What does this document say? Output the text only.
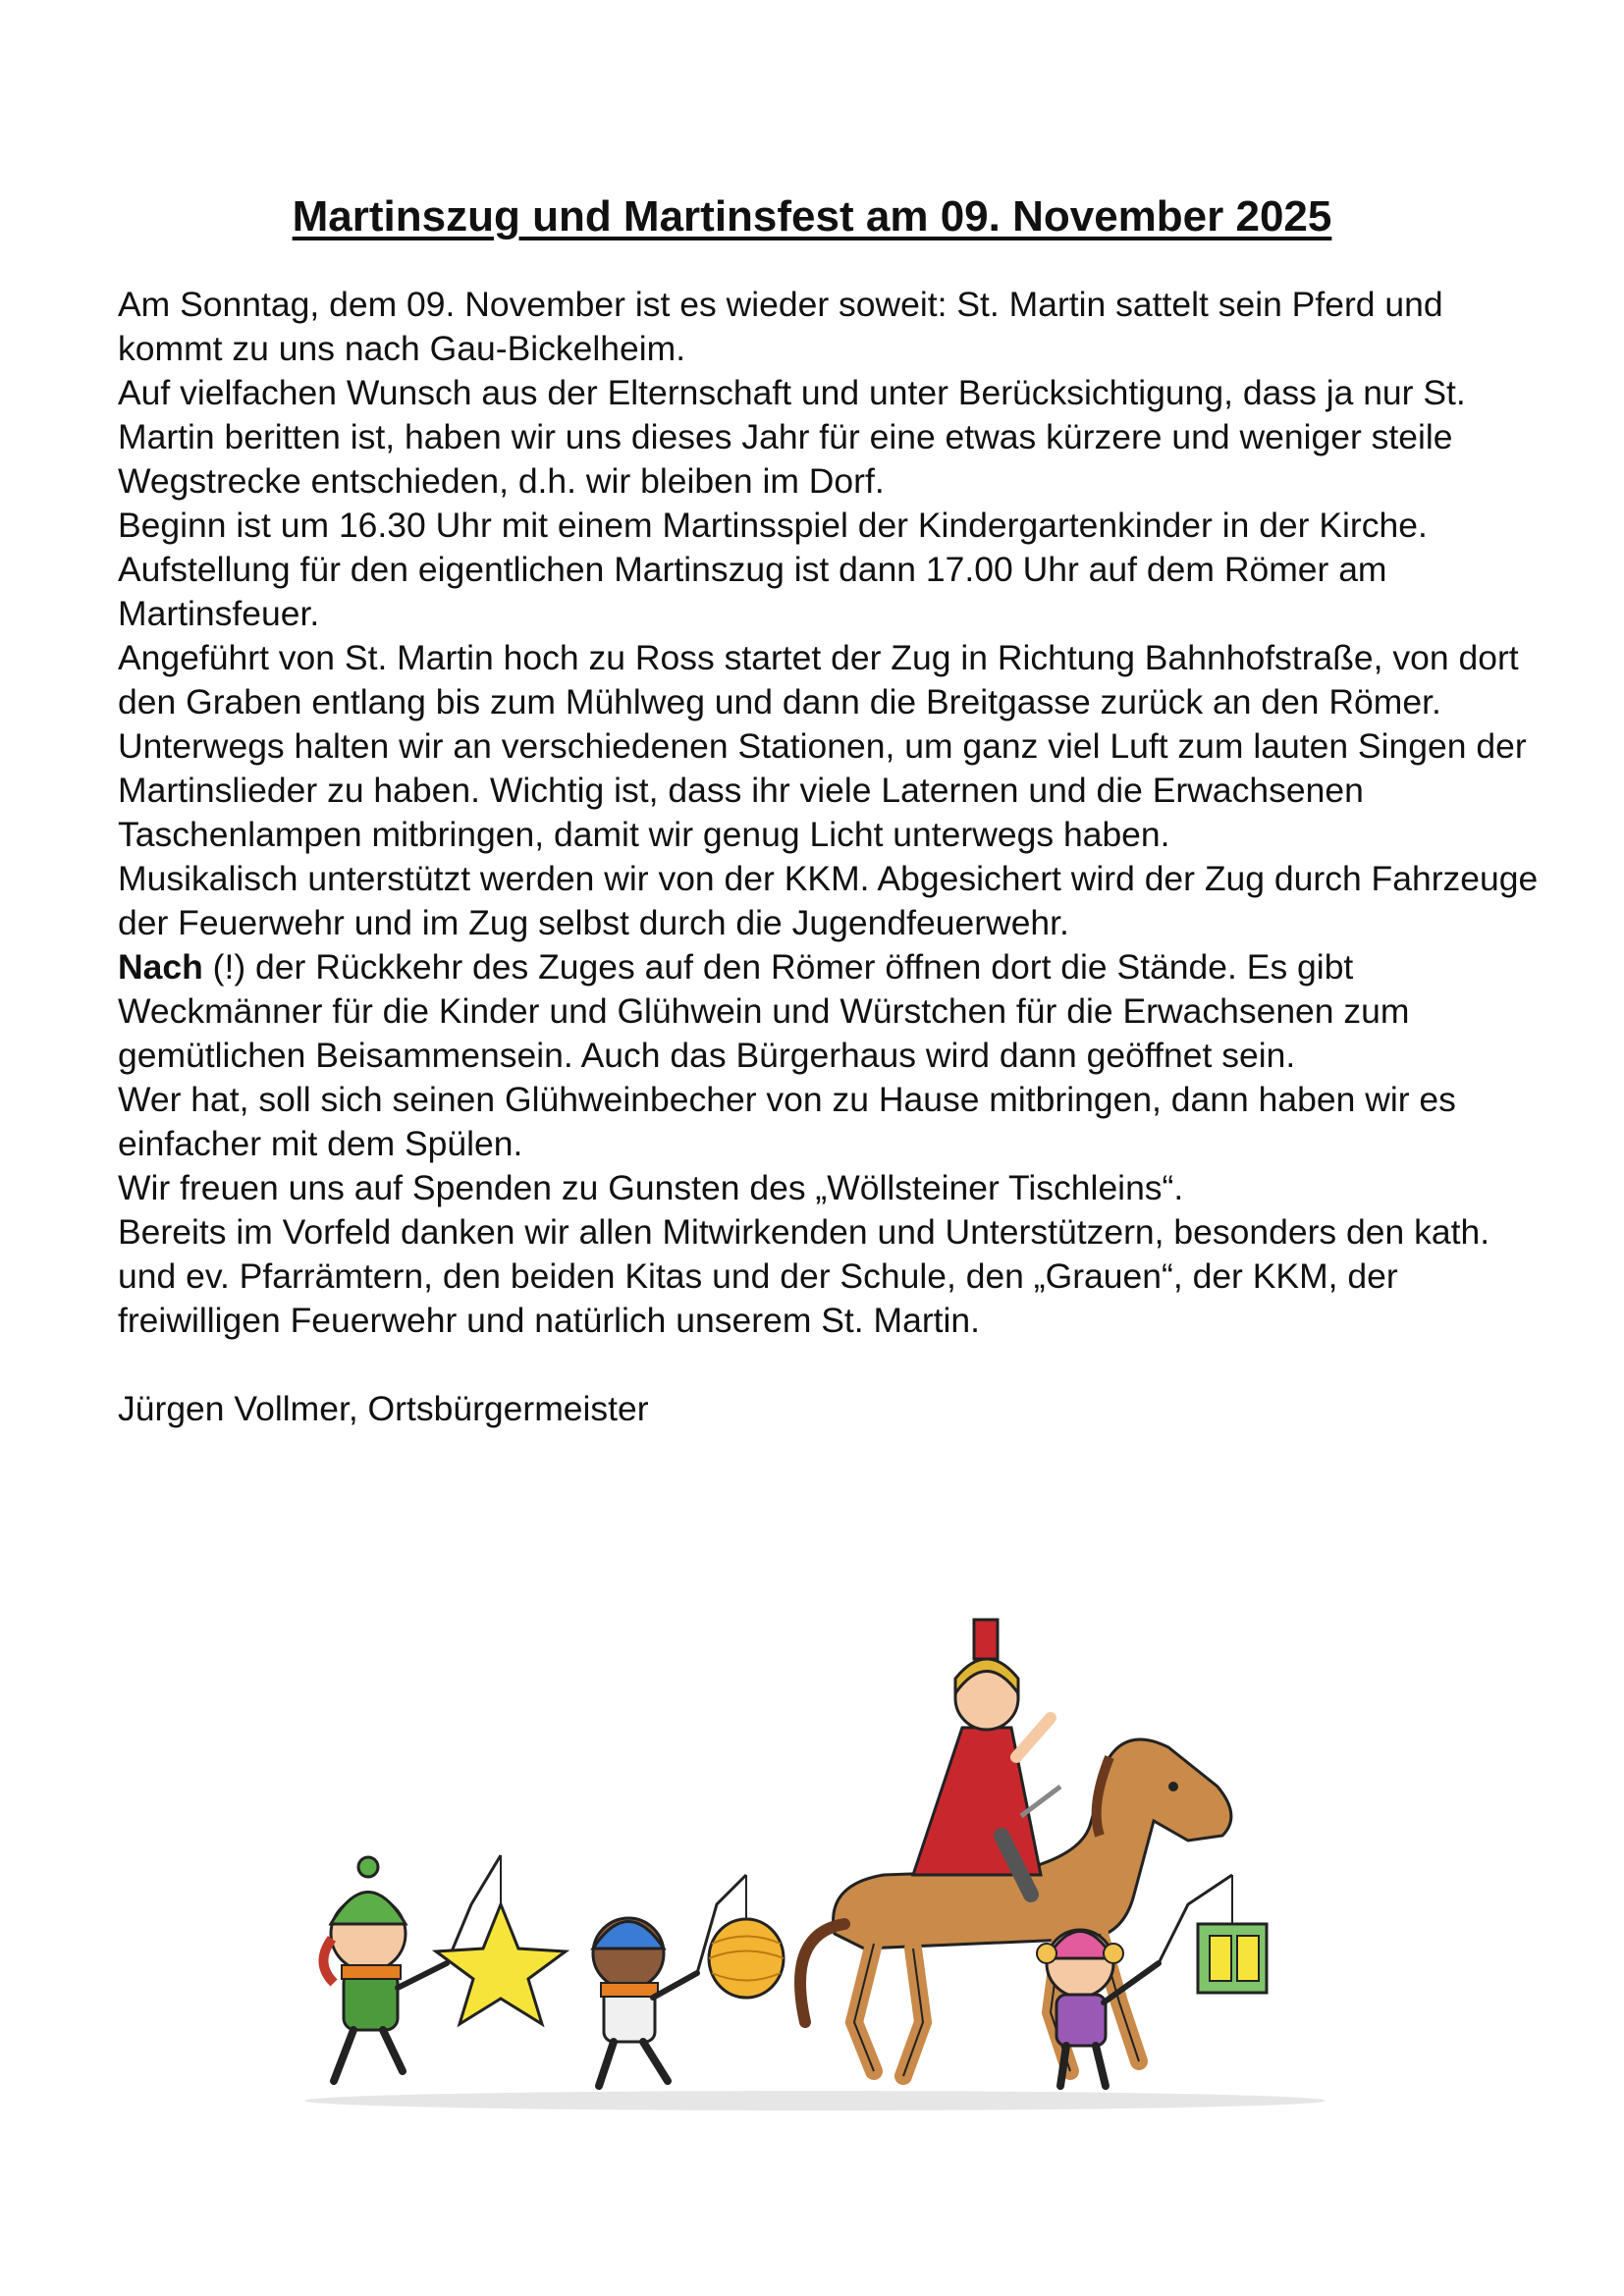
Martinszug und Martinsfest am 09. November 2025

Am Sonntag, dem 09. November ist es wieder soweit: St. Martin sattelt sein Pferd und kommt zu uns nach Gau-Bickelheim.

Auf vielfachen Wunsch aus der Elternschaft und unter Berücksichtigung, dass ja nur St. Martin beritten ist, haben wir uns dieses Jahr für eine etwas kürzere und weniger steile Wegstrecke entschieden, d.h. wir bleiben im Dorf.

Beginn ist um 16.30 Uhr mit einem Martinsspiel der Kindergartenkinder in der Kirche.

Aufstellung für den eigentlichen Martinszug ist dann 17.00 Uhr auf dem Römer am Martinsfeuer.

Angeführt von St. Martin hoch zu Ross startet der Zug in Richtung Bahnhofstraße, von dort den Graben entlang bis zum Mühlweg und dann die Breitgasse zurück an den Römer.

Unterwegs halten wir an verschiedenen Stationen, um ganz viel Luft zum lauten Singen der Martinslieder zu haben. Wichtig ist, dass ihr viele Laternen und die Erwachsenen Taschenlampen mitbringen, damit wir genug Licht unterwegs haben.

Musikalisch unterstützt werden wir von der KKM. Abgesichert wird der Zug durch Fahrzeuge der Feuerwehr und im Zug selbst durch die Jugendfeuerwehr.

Nach (!) der Rückkehr des Zuges auf den Römer öffnen dort die Stände. Es gibt Weckmänner für die Kinder und Glühwein und Würstchen für die Erwachsenen zum gemütlichen Beisammensein. Auch das Bürgerhaus wird dann geöffnet sein.

Wer hat, soll sich seinen Glühweinbecher von zu Hause mitbringen, dann haben wir es einfacher mit dem Spülen.

Wir freuen uns auf Spenden zu Gunsten des „Wöllsteiner Tischleins“.

Bereits im Vorfeld danken wir allen Mitwirkenden und Unterstützern, besonders den kath. und ev. Pfarrämtern, den beiden Kitas und der Schule, den „Grauen“, der KKM, der freiwilligen Feuerwehr und natürlich unserem St. Martin.

Jürgen Vollmer, Ortsbürgermeister
